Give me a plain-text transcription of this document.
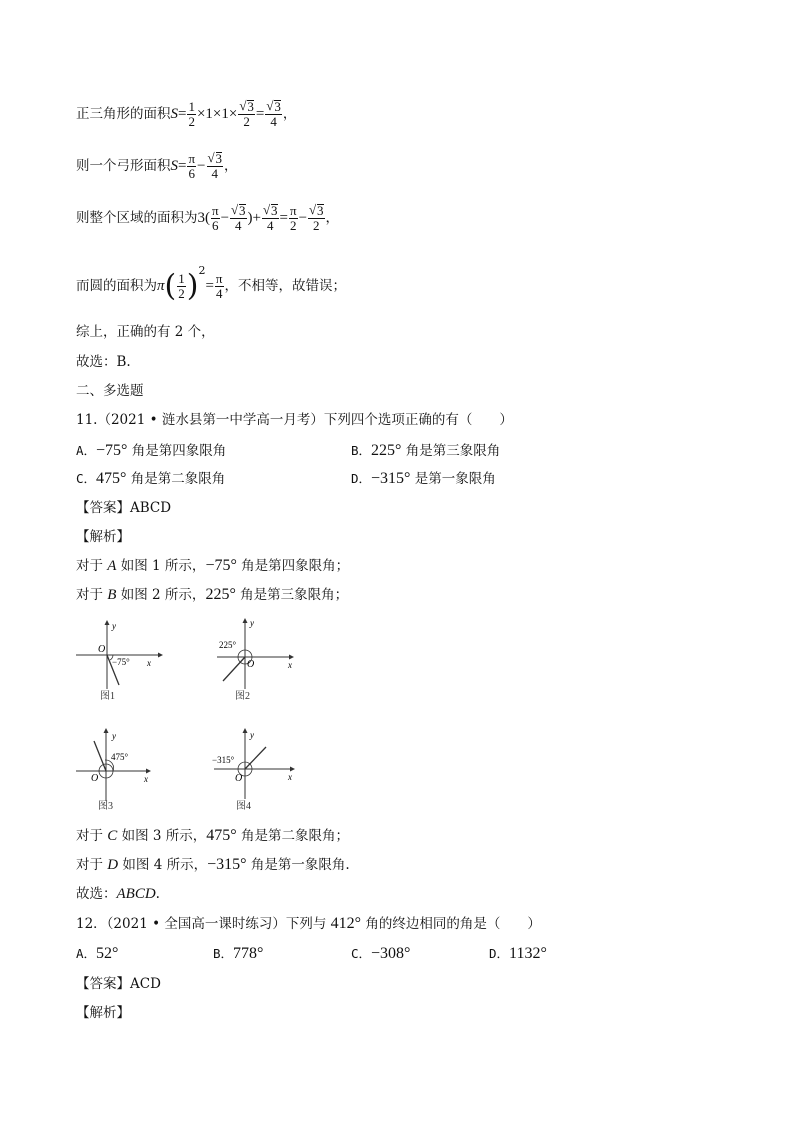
正三角形的面积$S= \frac{1}{2} \times 1\times 1\times$ √ $\frac{3}{2}$ = √ $\frac{3}{4}$ ，
则一个弓形面积$S= \frac{\pi}{6}$ − √ $\frac{3}{4}$ ，
则整个区域的面积为$3( \frac{\pi}{6}$ − √ $\frac{3}{4}$ )+ √ $\frac{3}{4} = \frac{\pi}{2}$ − √ $\frac{3}{2}$ ，
而圆的面积为$\pi( \frac{1}{2} )^2= \frac{\pi}{4}$ ，不相等，故错误；
综上，正确的有 2 个，
故选：B.
二、多选题
11.（2021 • 涟水县第一中学高一月考）下列四个选项正确的有（　　）
A．−75° 角是第四象限角	B．225° 角是第三象限角
C．475° 角是第二象限角	D．−315° 是第一象限角
【答案】ABCD
【解析】
对于 A 如图 1 所示，−75° 角是第四象限角；
对于 B 如图 2 所示，225° 角是第三象限角；
y
O
−75° x
图1
y
225°
O	x
图2
y
475°
O	x
图3
y
−315°
O	x
图4
对于 C 如图 3 所示，475° 角是第二象限角；
对于 D 如图 4 所示，−315° 角是第一象限角.
故选：ABCD.
12．（2021 • 全国高一课时练习）下列与 412° 角的终边相同的角是（　　）
A．52°	B．778°	C．−308°	D．1132°
【答案】ACD
【解析】
